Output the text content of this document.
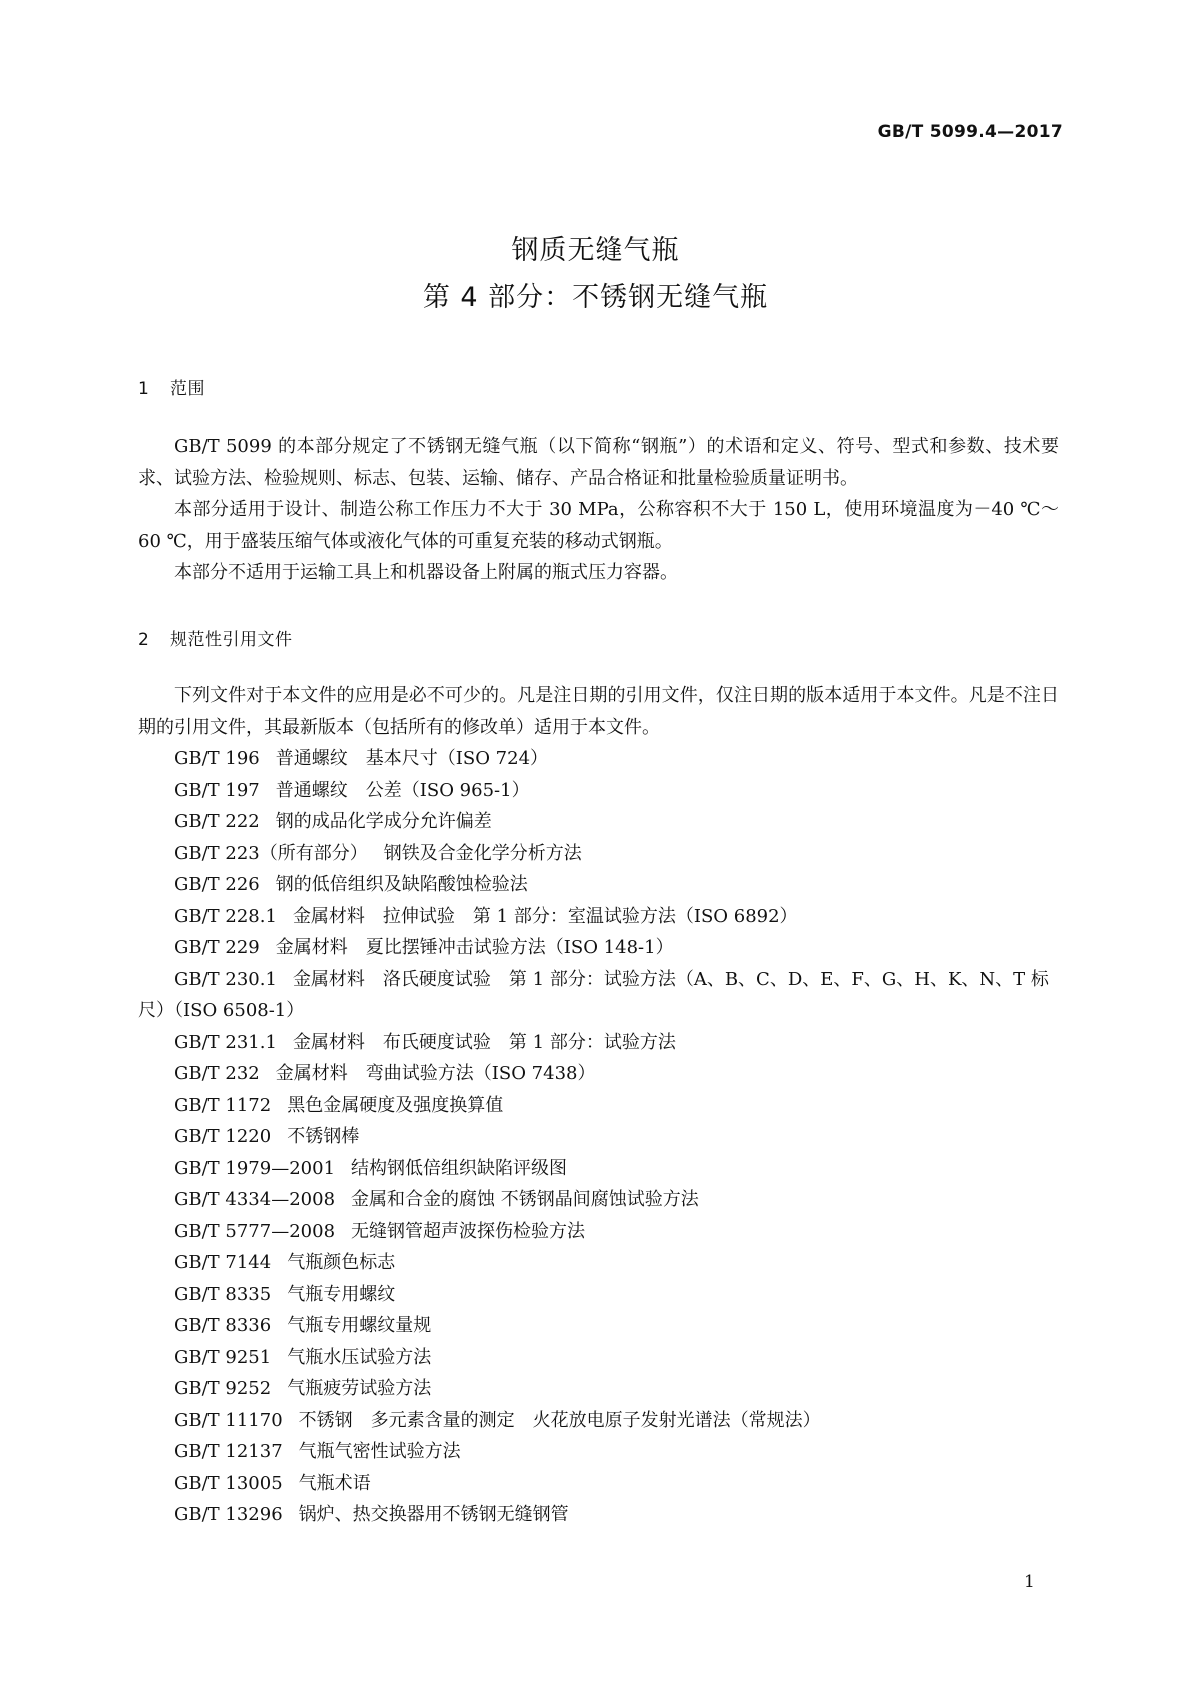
GB/T 5099.4—2017
钢质无缝气瓶
第 4 部分：不锈钢无缝气瓶
1 范围

GB/T 5099 的本部分规定了不锈钢无缝气瓶（以下简称“钢瓶”）的术语和定义、符号、型式和参数、技术要求、试验方法、检验规则、标志、包装、运输、储存、产品合格证和批量检验质量证明书。

本部分适用于设计、制造公称工作压力不大于 30 MPa，公称容积不大于 150 L，使用环境温度为－40 ℃～60 ℃，用于盛装压缩气体或液化气体的可重复充装的移动式钢瓶。

本部分不适用于运输工具上和机器设备上附属的瓶式压力容器。

2 规范性引用文件

下列文件对于本文件的应用是必不可少的。凡是注日期的引用文件，仅注日期的版本适用于本文件。凡是不注日期的引用文件，其最新版本（包括所有的修改单）适用于本文件。

GB/T 196 普通螺纹　基本尺寸（ISO 724）

GB/T 197 普通螺纹　公差（ISO 965-1）

GB/T 222 钢的成品化学成分允许偏差

GB/T 223（所有部分） 钢铁及合金化学分析方法

GB/T 226 钢的低倍组织及缺陷酸蚀检验法

GB/T 228.1 金属材料　拉伸试验　第 1 部分：室温试验方法（ISO 6892）

GB/T 229 金属材料　夏比摆锤冲击试验方法（ISO 148-1）

GB/T 230.1 金属材料　洛氏硬度试验　第 1 部分：试验方法（A、B、C、D、E、F、G、H、K、N、T 标尺）（ISO 6508-1）

GB/T 231.1 金属材料　布氏硬度试验　第 1 部分：试验方法

GB/T 232 金属材料　弯曲试验方法（ISO 7438）

GB/T 1172 黑色金属硬度及强度换算值

GB/T 1220 不锈钢棒

GB/T 1979—2001 结构钢低倍组织缺陷评级图

GB/T 4334—2008 金属和合金的腐蚀 不锈钢晶间腐蚀试验方法

GB/T 5777—2008 无缝钢管超声波探伤检验方法

GB/T 7144 气瓶颜色标志

GB/T 8335 气瓶专用螺纹

GB/T 8336 气瓶专用螺纹量规

GB/T 9251 气瓶水压试验方法

GB/T 9252 气瓶疲劳试验方法

GB/T 11170 不锈钢　多元素含量的测定　火花放电原子发射光谱法（常规法）

GB/T 12137 气瓶气密性试验方法

GB/T 13005 气瓶术语

GB/T 13296 锅炉、热交换器用不锈钢无缝钢管

1
